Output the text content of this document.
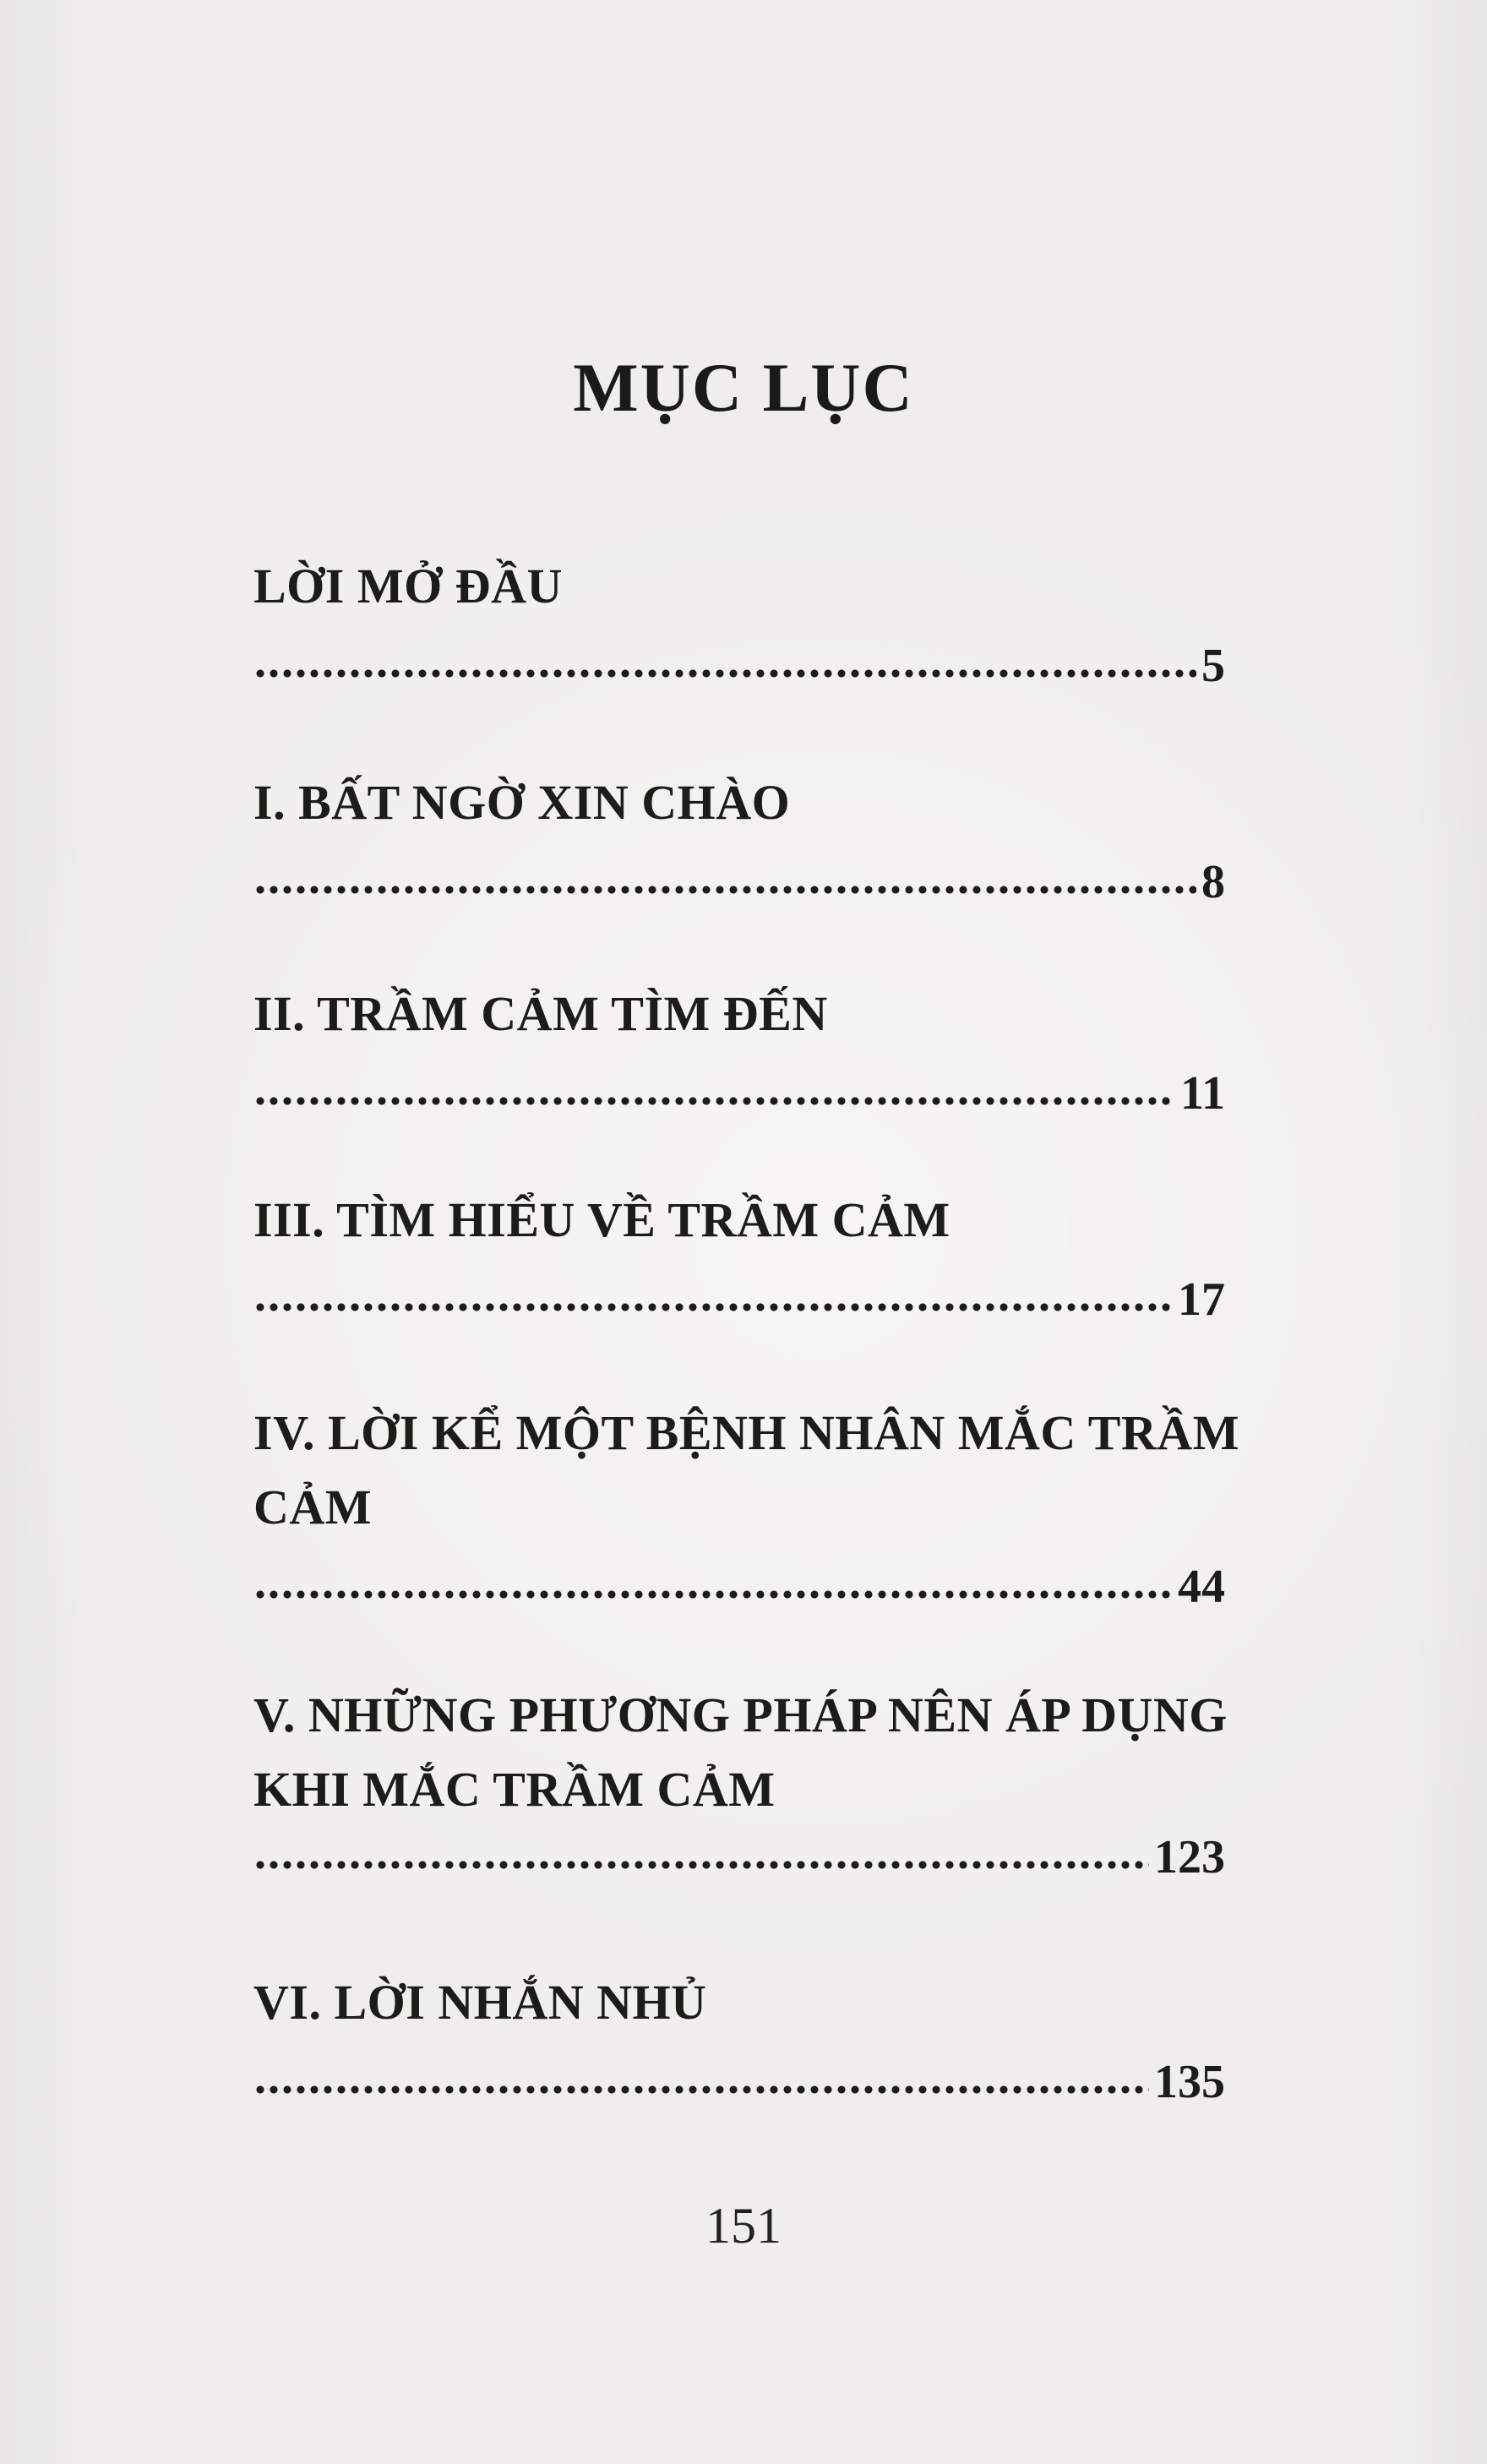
MỤC LỤC
LỜI MỞ ĐẦU
5
I. BẤT NGỜ XIN CHÀO
8
II. TRẦM CẢM TÌM ĐẾN
11
III. TÌM HIỂU VỀ TRẦM CẢM
17
IV. LỜI KỂ MỘT BỆNH NHÂN MẮC TRẦM
CẢM
44
V. NHỮNG PHƯƠNG PHÁP NÊN ÁP DỤNG
KHI MẮC TRẦM CẢM
123
VI. LỜI NHẮN NHỦ
135
151
